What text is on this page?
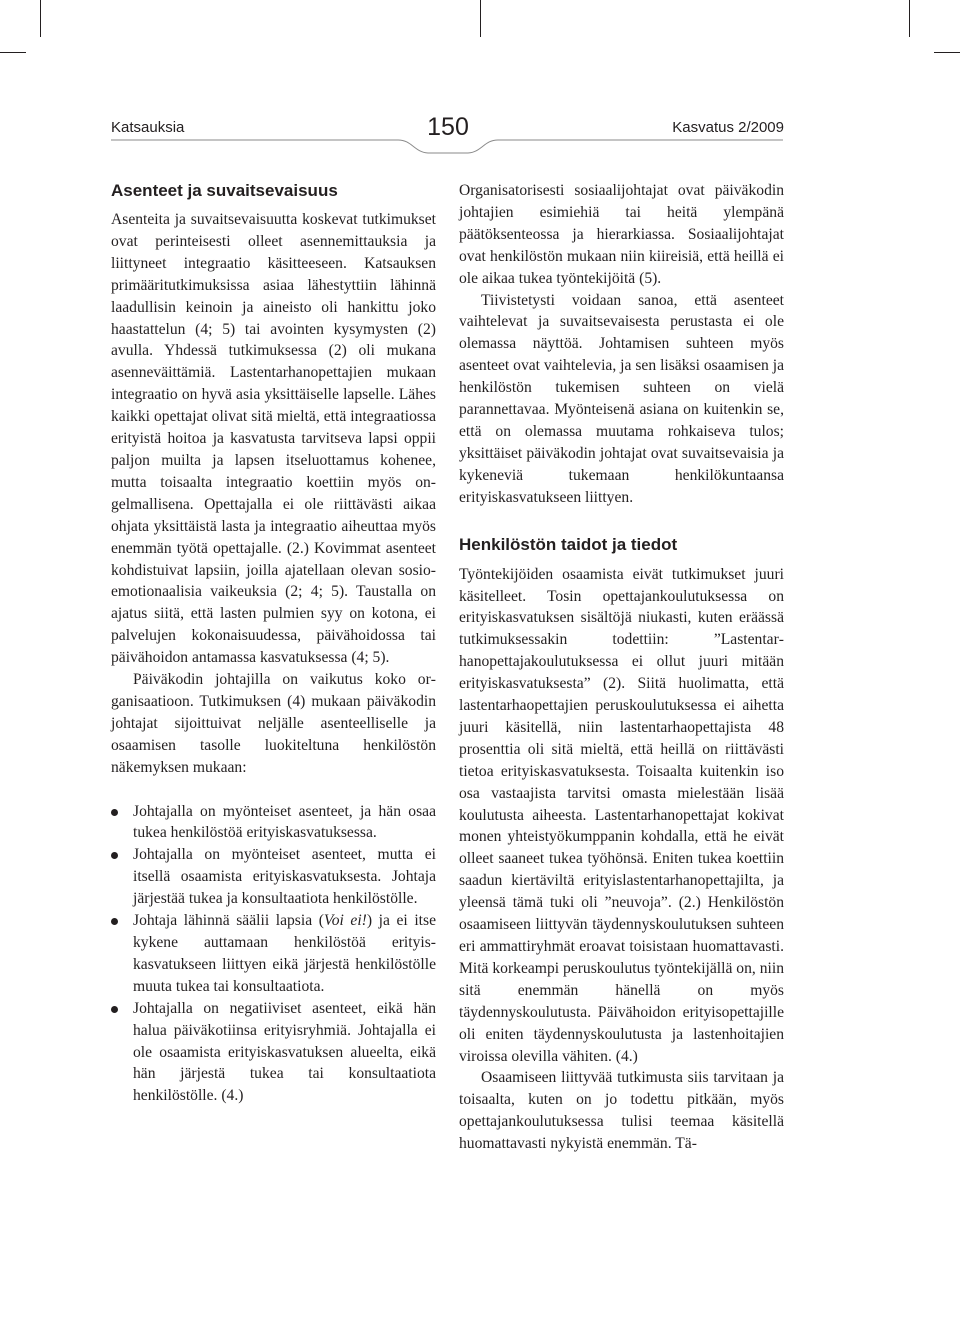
Katsauksia	150	Kasvatus 2/2009
Asenteet ja suvaitsevaisuus

Asenteita ja suvaitsevaisuutta koskevat tutkimukset ovat perinteisesti olleet asennemittauksia ja liittyneet integraatio käsitteeseen. Katsauksen primääritutkimuksissa asiaa lähestyttiin lähinnä laadullisin keinoin ja aineisto oli hankittu joko haastattelun (4; 5) tai avointen kysymysten (2) avulla. Yhdessä tutkimuksessa (2) oli mukana asenneväittämiä. Lastentarhanopettajien mukaan integraatio on hyvä asia yksittäiselle lapselle. Lähes kaikki opettajat olivat sitä mieltä, että integraatiossa erityistä hoitoa ja kasvatusta tarvitseva lapsi oppii paljon muilta ja lapsen itseluottamus kohenee, mutta toisaalta integraatio koettiin myös ongelmallisena. Opettajalla ei ole riittävästi aikaa ohjata yksittäistä lasta ja integraatio aiheuttaa myös enemmän työtä opettajalle. (2.) Kovimmat asenteet kohdistuivat lapsiin, joilla ajatellaan olevan sosio-emotionaalisia vaikeuksia (2; 4; 5). Taustalla on ajatus siitä, että lasten pulmien syy on kotona, ei palvelujen kokonaisuudessa, päivähoidossa tai päivähoidon antamassa kasvatuksessa (4; 5).

Päiväkodin johtajilla on vaikutus koko organisaatioon. Tutkimuksen (4) mukaan päiväkodin johtajat sijoittuivat neljälle asenteelliselle ja osaamisen tasolle luokiteltuna henkilöstön näkemyksen mukaan:

Johtajalla on myönteiset asenteet, ja hän osaa tukea henkilöstöä erityiskasvatuksessa.
Johtajalla on myönteiset asenteet, mutta ei itsellä osaamista erityiskasvatuksesta. Johtaja järjestää tukea ja konsultaatiota henkilöstölle.
Johtaja lähinnä säälii lapsia (Voi ei!) ja ei itse kykene auttamaan henkilöstöä erityiskasvatukseen liittyen eikä järjestä henkilöstölle muuta tukea tai konsultaatiota.
Johtajalla on negatiiviset asenteet, eikä hän halua päiväkotiinsa erityisryhmiä. Johtajalla ei ole osaamista erityiskasvatuksen alueelta, eikä hän järjestä tukea tai konsultaatiota henkilöstölle. (4.)

Organisatorisesti sosiaalijohtajat ovat päiväkodin johtajien esimiehiä tai heitä ylempänä päätöksenteossa ja hierarkiassa. Sosiaalijohtajat ovat henkilöstön mukaan niin kiireisiä, että heillä ei ole aikaa tukea työntekijöitä (5).

Tiivistetysti voidaan sanoa, että asenteet vaihtelevat ja suvaitsevaisesta perustasta ei ole olemassa näyttöä. Johtamisen suhteen myös asenteet ovat vaihtelevia, ja sen lisäksi osaamisen ja henkilöstön tukemisen suhteen on vielä parannettavaa. Myönteisenä asiana on kuitenkin se, että on olemassa muutama rohkaiseva tulos; yksittäiset päiväkodin johtajat ovat suvaitsevaisia ja kykeneviä tukemaan henkilökuntaansa erityiskasvatukseen liittyen.

Henkilöstön taidot ja tiedot

Työntekijöiden osaamista eivät tutkimukset juuri käsitelleet. Tosin opettajankoulutuksessa on erityiskasvatuksen sisältöjä niukasti, kuten eräässä tutkimuksessakin todettiin: ”Lastentarhanopettajakoulutuksessa ei ollut juuri mitään erityiskasvatuksesta” (2). Siitä huolimatta, että lastentarhaopettajien peruskoulutuksessa ei aihetta juuri käsitellä, niin lastentarhaopettajista 48 prosenttia oli sitä mieltä, että heillä on riittävästi tietoa erityiskasvatuksesta. Toisaalta kuitenkin iso osa vastaajista tarvitsi omasta mielestään lisää koulutusta aiheesta. Lastentarhanopettajat kokivat monen yhteistyökumppanin kohdalla, että he eivät olleet saaneet tukea työhönsä. Eniten tukea koettiin saadun kiertäviltä erityislastentarhanopettajilta, ja yleensä tämä tuki oli ”neuvoja”. (2.) Henkilöstön osaamiseen liittyvän täydennyskoulutuksen suhteen eri ammattiryhmät eroavat toisistaan huomattavasti. Mitä korkeampi peruskoulutus työntekijällä on, niin sitä enemmän hänellä on myös täydennyskoulutusta. Päivähoidon erityisopettajille oli eniten täydennyskoulutusta ja lastenhoitajien viroissa olevilla vähiten. (4.)

Osaamiseen liittyvää tutkimusta siis tarvitaan ja toisaalta, kuten on jo todettu pitkään, myös opettajankoulutuksessa tulisi teemaa käsitellä huomattavasti nykyistä enemmän. Tä-
